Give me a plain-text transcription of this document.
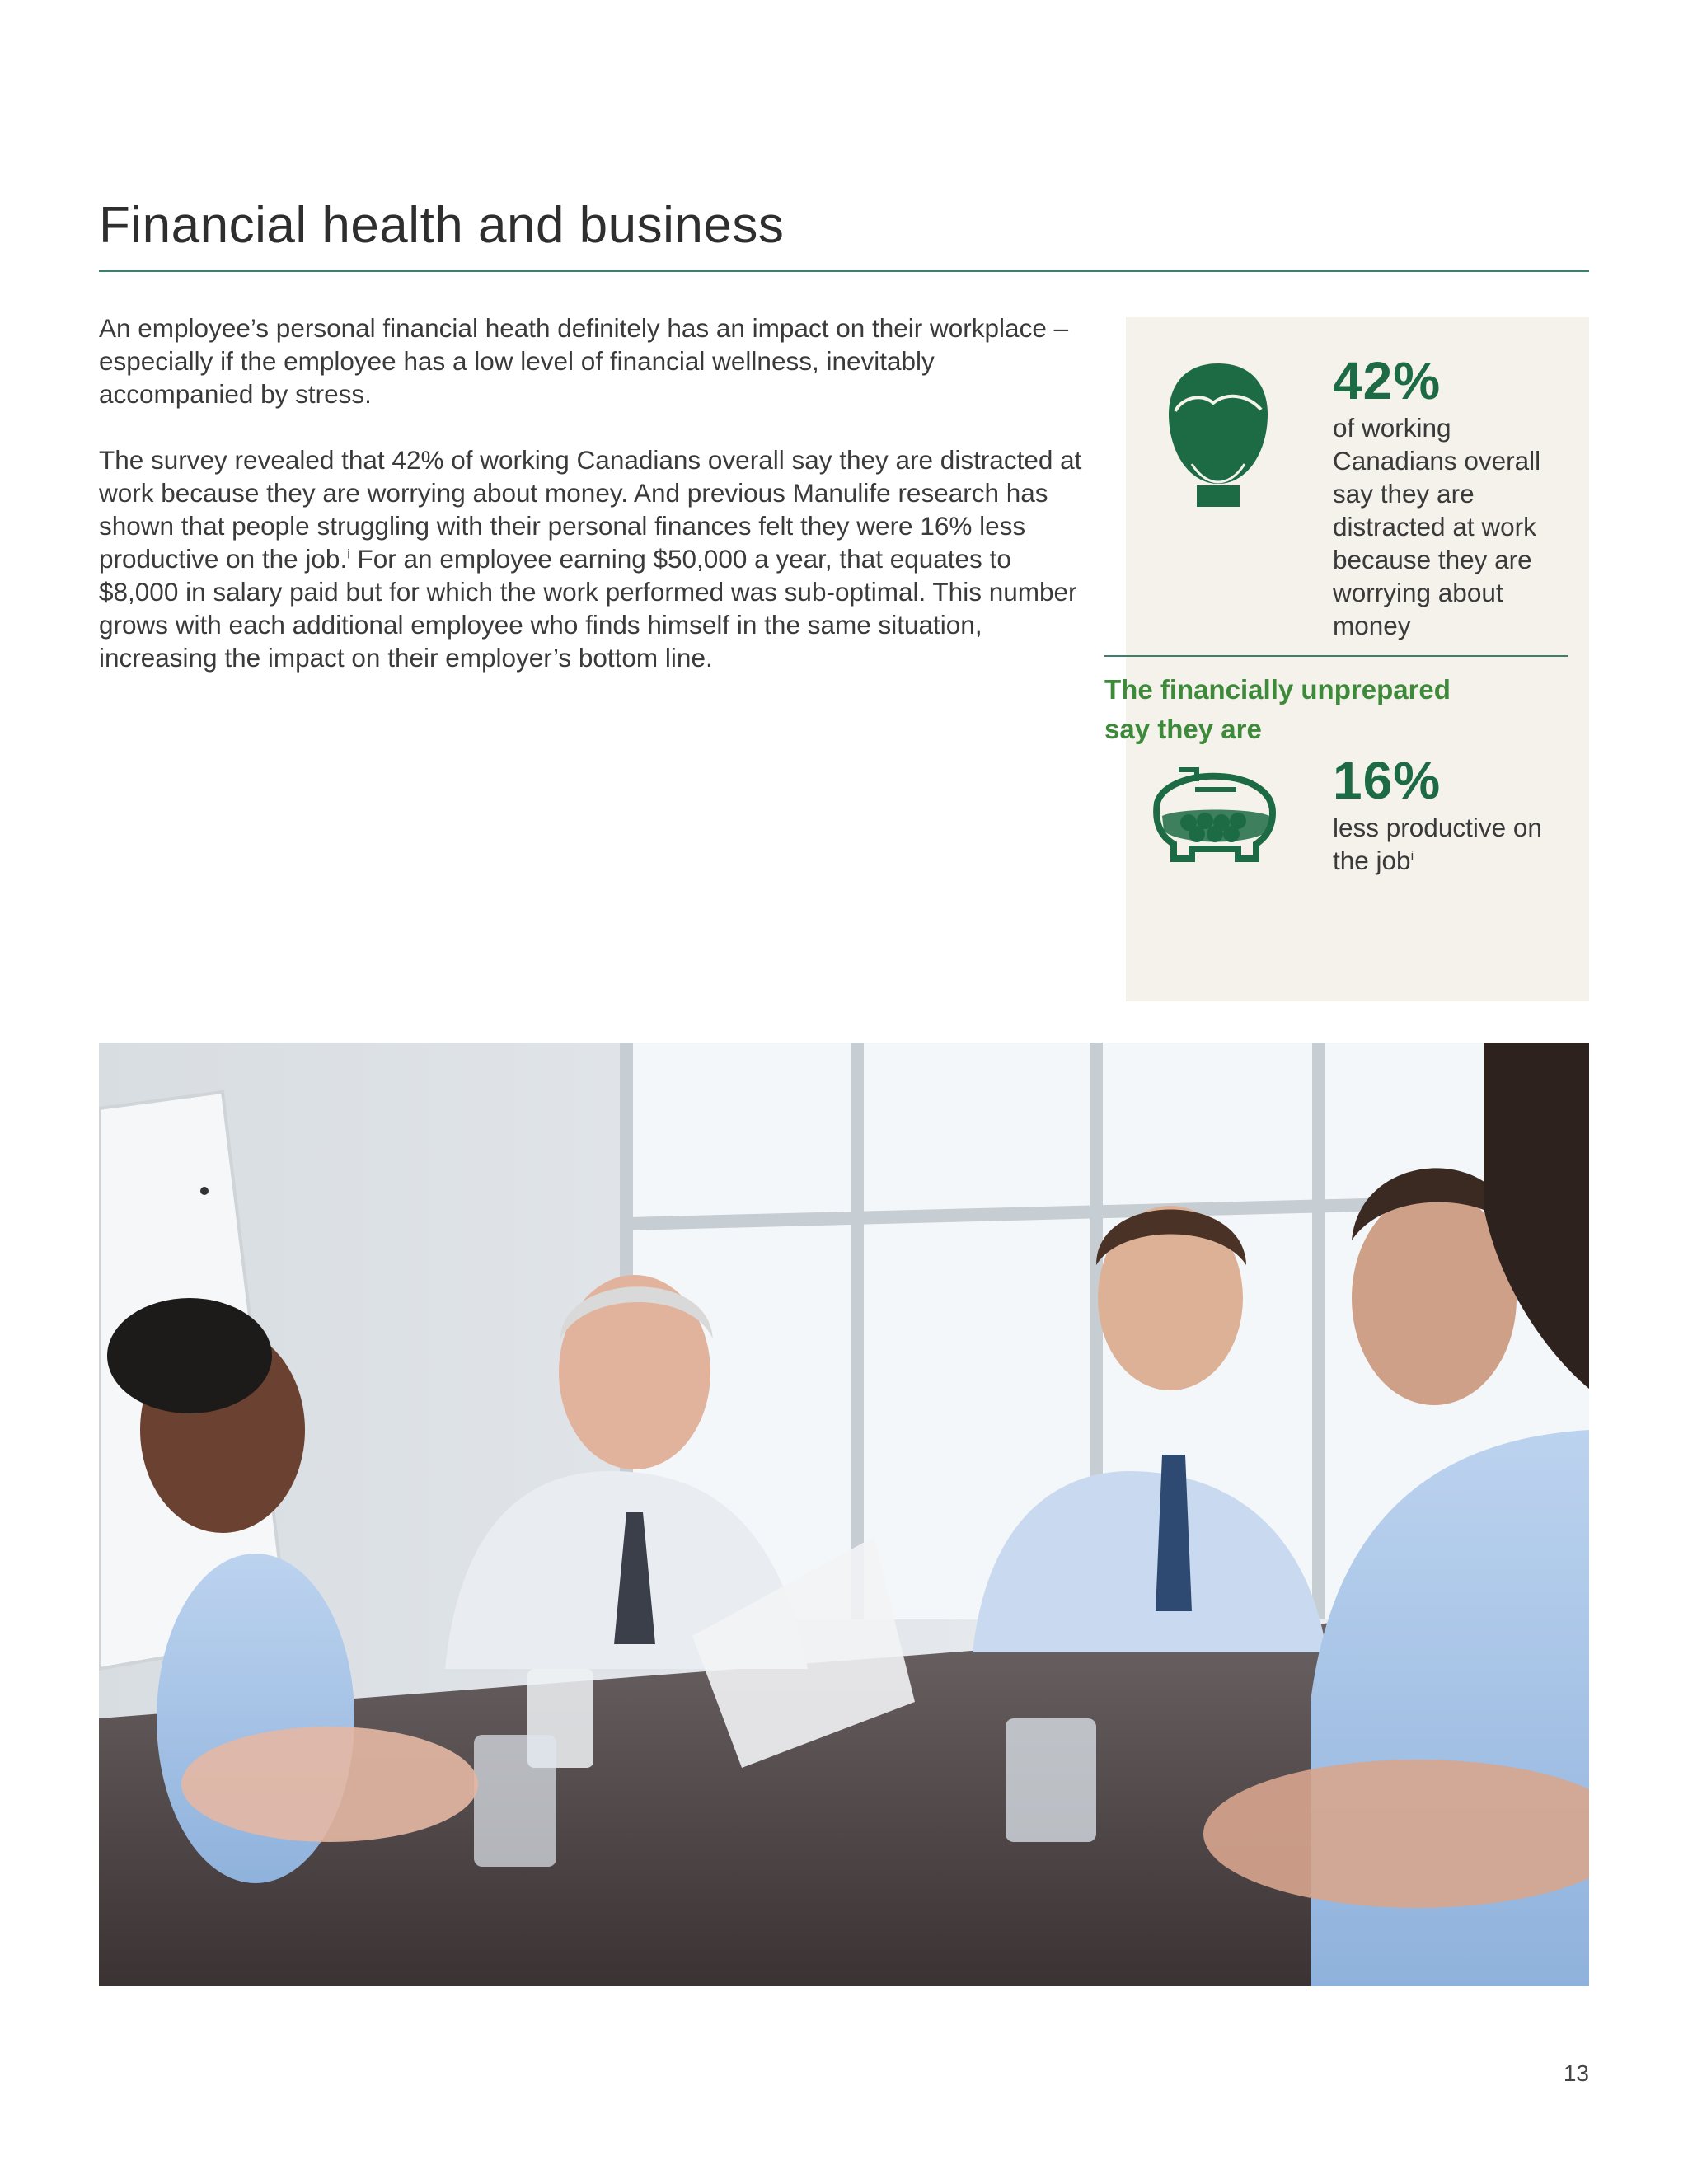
Financial health and business

An employee’s personal financial heath definitely has an impact on their workplace – especially if the employee has a low level of financial wellness, inevitably accompanied by stress.

The survey revealed that 42% of working Canadians overall say they are distracted at work because they are worrying about money. And previous Manulife research has shown that people struggling with their personal finances felt they were 16% less productive on the job.$^i$ For an employee earning $50,000 a year, that equates to $8,000 in salary paid but for which the work performed was sub-optimal. This number grows with each additional employee who finds himself in the same situation, increasing the impact on their employer’s bottom line.

42%
of working Canadians overall say they are distracted at work because they are worrying about money

The financially unprepared say they are

16%
less productive on the job$^i$
13
